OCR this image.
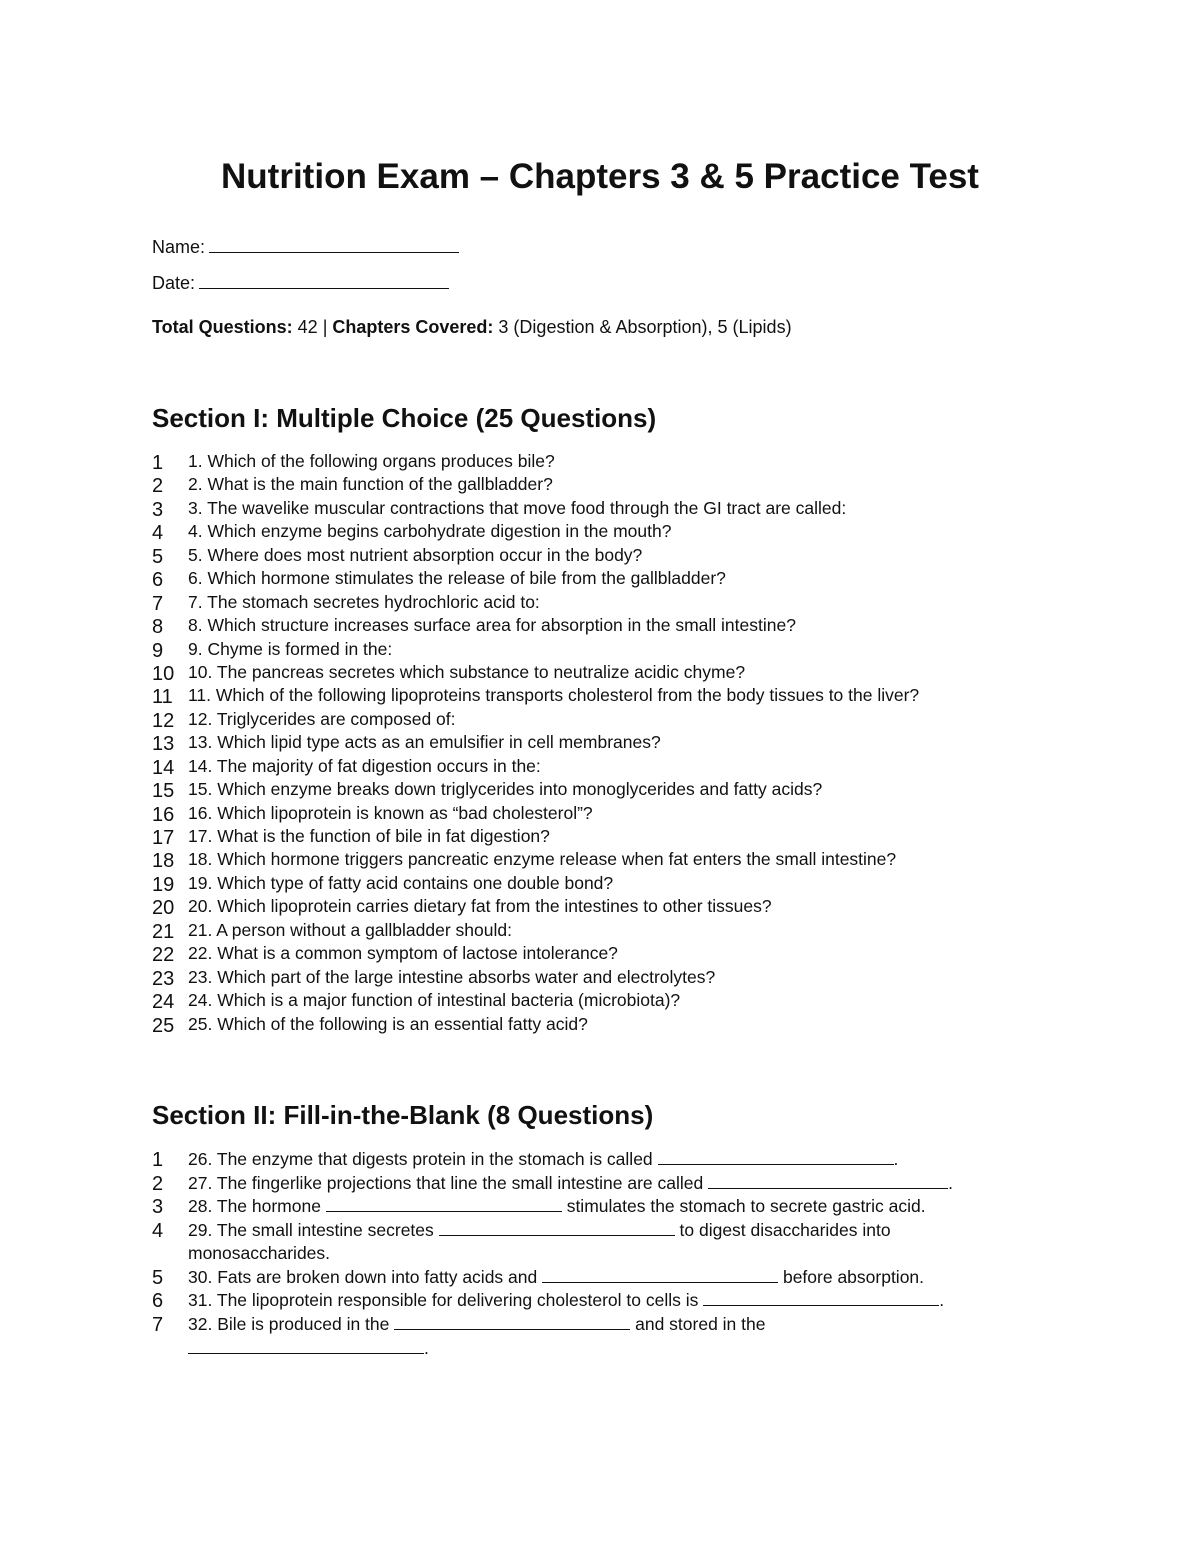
Nutrition Exam – Chapters 3 & 5 Practice Test
Name:
Date:
Total Questions: 42 | Chapters Covered: 3 (Digestion & Absorption), 5 (Lipids)
Section I: Multiple Choice (25 Questions)
1	1. Which of the following organs produces bile?
2	2. What is the main function of the gallbladder?
3	3. The wavelike muscular contractions that move food through the GI tract are called:
4	4. Which enzyme begins carbohydrate digestion in the mouth?
5	5. Where does most nutrient absorption occur in the body?
6	6. Which hormone stimulates the release of bile from the gallbladder?
7	7. The stomach secretes hydrochloric acid to:
8	8. Which structure increases surface area for absorption in the small intestine?
9	9. Chyme is formed in the:
10 10. The pancreas secretes which substance to neutralize acidic chyme?
11 11. Which of the following lipoproteins transports cholesterol from the body tissues to the liver?
12 12. Triglycerides are composed of:
13 13. Which lipid type acts as an emulsifier in cell membranes?
14 14. The majority of fat digestion occurs in the:
15 15. Which enzyme breaks down triglycerides into monoglycerides and fatty acids?
16 16. Which lipoprotein is known as “bad cholesterol”?
17 17. What is the function of bile in fat digestion?
18 18. Which hormone triggers pancreatic enzyme release when fat enters the small intestine?
19 19. Which type of fatty acid contains one double bond?
20 20. Which lipoprotein carries dietary fat from the intestines to other tissues?
21 21. A person without a gallbladder should:
22 22. What is a common symptom of lactose intolerance?
23 23. Which part of the large intestine absorbs water and electrolytes?
24 24. Which is a major function of intestinal bacteria (microbiota)?
25 25. Which of the following is an essential fatty acid?
Section II: Fill-in-the-Blank (8 Questions)
1	26. The enzyme that digests protein in the stomach is called	.
2	27. The fingerlike projections that line the small intestine are called	.
3	28. The hormone	stimulates the stomach to secrete gastric acid.
4	29. The small intestine secretes	to digest disaccharides into monosaccharides.
5	30. Fats are broken down into fatty acids and	before absorption.
6	31. The lipoprotein responsible for delivering cholesterol to cells is	.
7	32. Bile is produced in the	and stored in the
.
